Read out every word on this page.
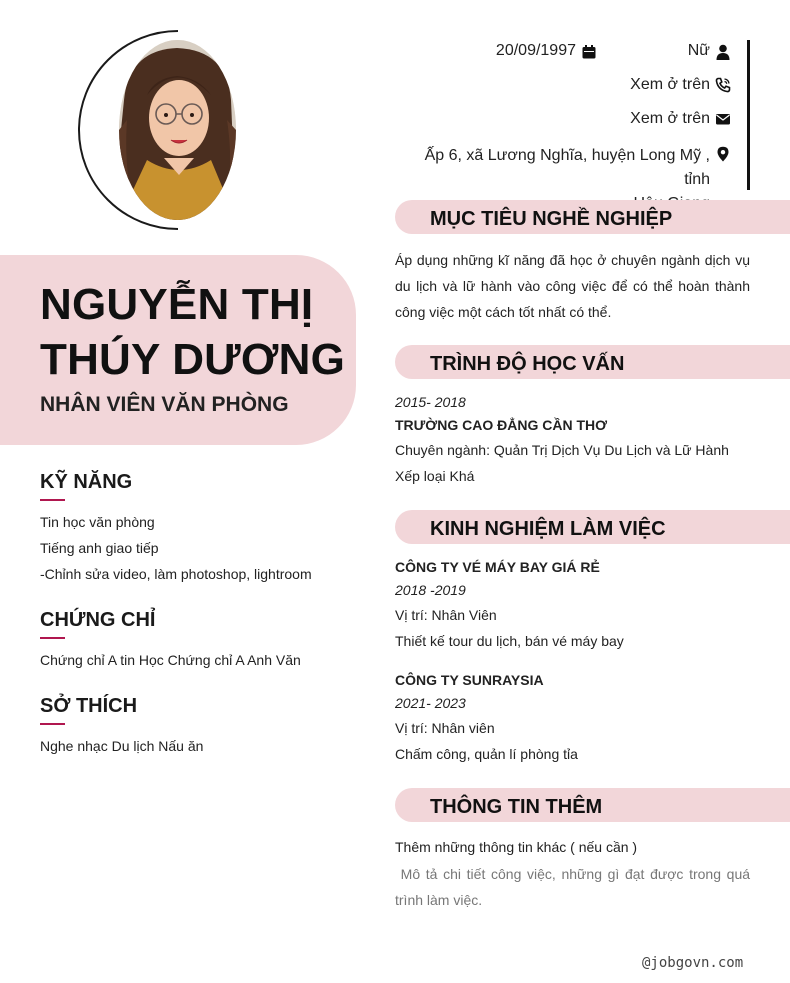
NGUYỄN THỊ
THÚY DƯƠNG
NHÂN VIÊN VĂN PHÒNG
KỸ NĂNG
Tin học văn phòng
Tiếng anh giao tiếp
-Chỉnh sửa video, làm photoshop, lightroom
CHỨNG CHỈ
Chứng chỉ A tin Học Chứng chỉ A Anh Văn
SỞ THÍCH
Nghe nhạc Du lịch Nấu ăn
20/09/1997	Nữ
Xem ở trên
Xem ở trên
Ấp 6, xã Lương Nghĩa, huyện Long Mỹ , tỉnh
MỤC TIÊU NGHỀ NGHIỆP
Áp dụng những kĩ năng đã học ở chuyên ngành dịch vụ du lịch và lữ hành vào công việc để có thể hoàn thành công việc một cách tốt nhất có thể.
TRÌNH ĐỘ HỌC VẤN
2015- 2018
TRƯỜNG CAO ĐẲNG CẦN THƠ
Chuyên ngành: Quản Trị Dịch Vụ Du Lịch và Lữ Hành
Xếp loại Khá
KINH NGHIỆM LÀM VIỆC
CÔNG TY VÉ MÁY BAY GIÁ RẺ
2018 -2019
Vị trí: Nhân Viên
Thiết kế tour du lịch, bán vé máy bay
CÔNG TY SUNRAYSIA
2021- 2023
Vị trí: Nhân viên
Chấm công, quản lí phòng tỉa
THÔNG TIN THÊM
Thêm những thông tin khác ( nếu cần )
Mô tả chi tiết công việc, những gì đạt được trong quá trình làm việc.
@jobgovn.com
